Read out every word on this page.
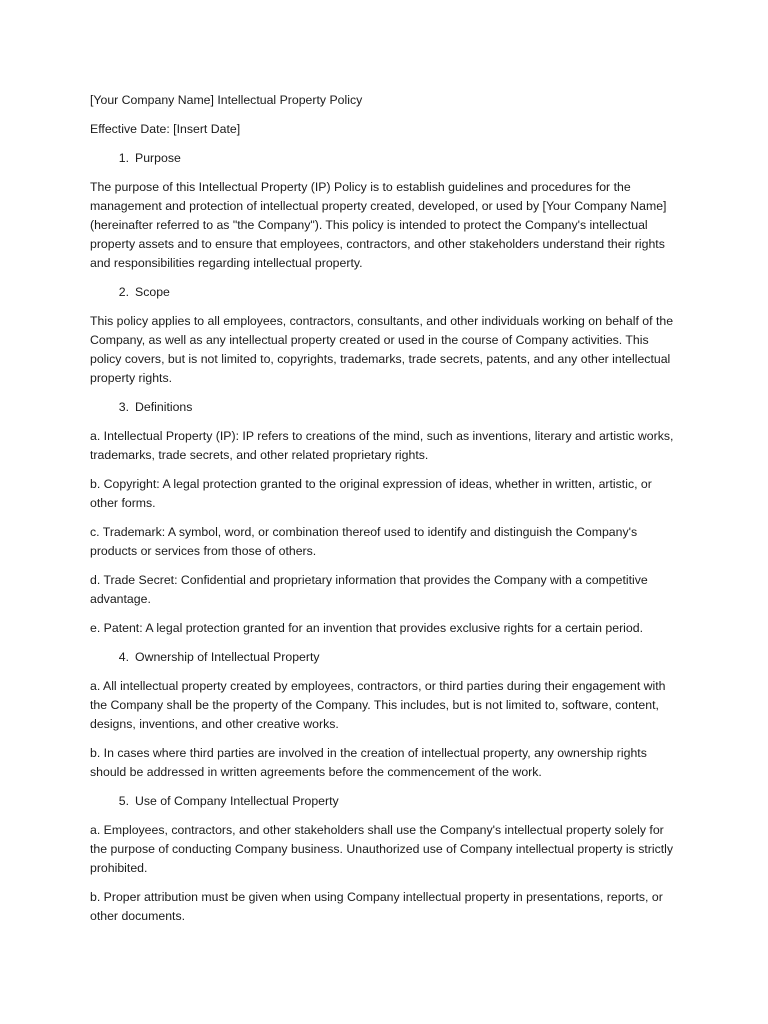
[Your Company Name] Intellectual Property Policy

Effective Date: [Insert Date]

1. Purpose

The purpose of this Intellectual Property (IP) Policy is to establish guidelines and procedures for the management and protection of intellectual property created, developed, or used by [Your Company Name] (hereinafter referred to as "the Company"). This policy is intended to protect the Company's intellectual property assets and to ensure that employees, contractors, and other stakeholders understand their rights and responsibilities regarding intellectual property.

2. Scope

This policy applies to all employees, contractors, consultants, and other individuals working on behalf of the Company, as well as any intellectual property created or used in the course of Company activities. This policy covers, but is not limited to, copyrights, trademarks, trade secrets, patents, and any other intellectual property rights.

3. Definitions

a. Intellectual Property (IP): IP refers to creations of the mind, such as inventions, literary and artistic works, trademarks, trade secrets, and other related proprietary rights.

b. Copyright: A legal protection granted to the original expression of ideas, whether in written, artistic, or other forms.

c. Trademark: A symbol, word, or combination thereof used to identify and distinguish the Company's products or services from those of others.

d. Trade Secret: Confidential and proprietary information that provides the Company with a competitive advantage.

e. Patent: A legal protection granted for an invention that provides exclusive rights for a certain period.

4. Ownership of Intellectual Property

a. All intellectual property created by employees, contractors, or third parties during their engagement with the Company shall be the property of the Company. This includes, but is not limited to, software, content, designs, inventions, and other creative works.

b. In cases where third parties are involved in the creation of intellectual property, any ownership rights should be addressed in written agreements before the commencement of the work.

5. Use of Company Intellectual Property

a. Employees, contractors, and other stakeholders shall use the Company's intellectual property solely for the purpose of conducting Company business. Unauthorized use of Company intellectual property is strictly prohibited.

b. Proper attribution must be given when using Company intellectual property in presentations, reports, or other documents.
